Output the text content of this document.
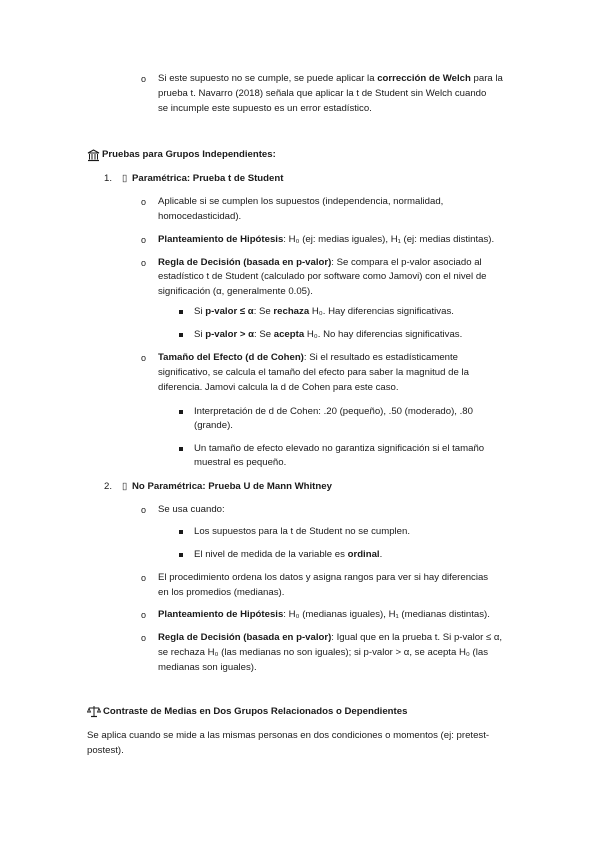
o Si este supuesto no se cumple, se puede aplicar la corrección de Welch para la
prueba t. Navarro (2018) señala que aplicar la t de Student sin Welch cuando
se incumple este supuesto es un error estadístico.
Pruebas para Grupos Independientes:
1. ▯ Paramétrica: Prueba t de Student
o Aplicable si se cumplen los supuestos (independencia, normalidad,
homocedasticidad).
o Planteamiento de Hipótesis: H₀ (ej: medias iguales), H₁ (ej: medias distintas).
o Regla de Decisión (basada en p-valor): Se compara el p-valor asociado al
estadístico t de Student (calculado por software como Jamovi) con el nivel de
significación (α, generalmente 0.05).
Si p-valor ≤ α: Se rechaza H₀. Hay diferencias significativas.
Si p-valor > α: Se acepta H₀. No hay diferencias significativas.
o Tamaño del Efecto (d de Cohen): Si el resultado es estadísticamente
significativo, se calcula el tamaño del efecto para saber la magnitud de la
diferencia. Jamovi calcula la d de Cohen para este caso.
Interpretación de d de Cohen: .20 (pequeño), .50 (moderado), .80
(grande).
Un tamaño de efecto elevado no garantiza significación si el tamaño
muestral es pequeño.
2. ▯ No Paramétrica: Prueba U de Mann Whitney
o Se usa cuando:
Los supuestos para la t de Student no se cumplen.
El nivel de medida de la variable es ordinal.
o El procedimiento ordena los datos y asigna rangos para ver si hay diferencias
en los promedios (medianas).
o Planteamiento de Hipótesis: H₀ (medianas iguales), H₁ (medianas distintas).
o Regla de Decisión (basada en p-valor): Igual que en la prueba t. Si p-valor ≤ α,
se rechaza H₀ (las medianas no son iguales); si p-valor > α, se acepta H₀ (las
medianas son iguales).
Contraste de Medias en Dos Grupos Relacionados o Dependientes
Se aplica cuando se mide a las mismas personas en dos condiciones o momentos (ej: pretest-
postest).
